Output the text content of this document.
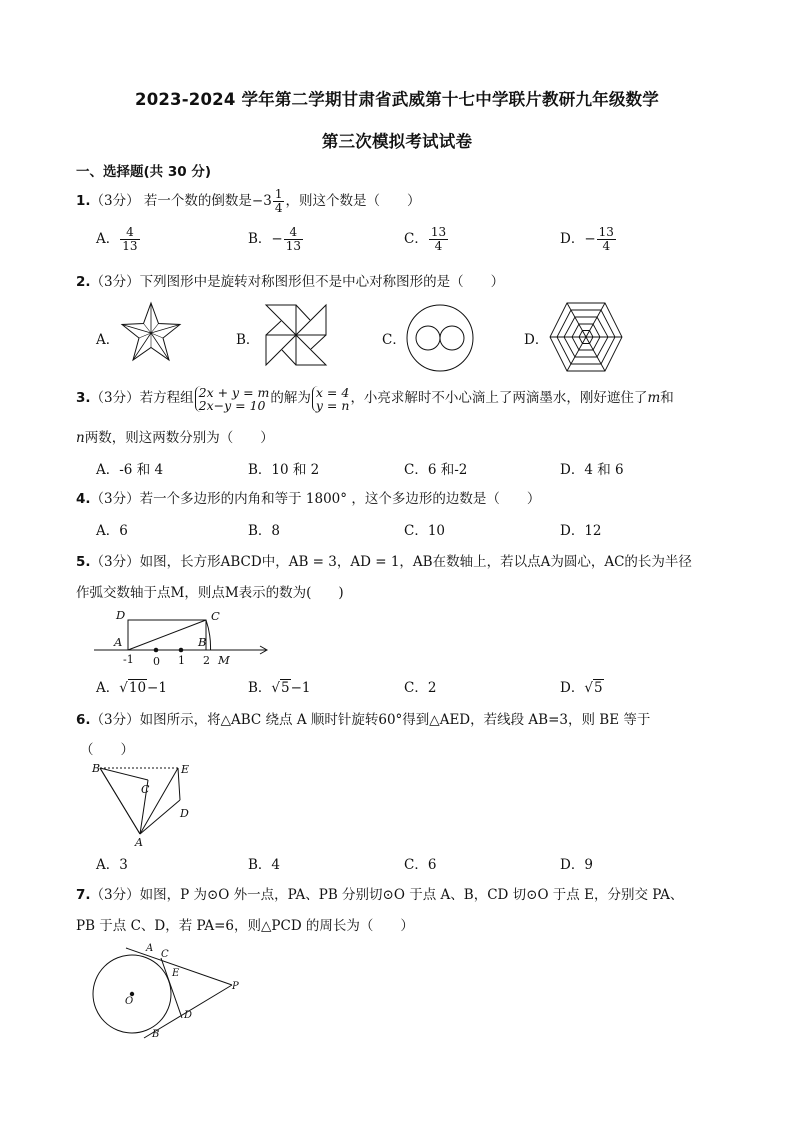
2023-2024 学年第二学期甘肃省武威第十七中学联片教研九年级数学
第三次模拟考试试卷
一、选择题(共 30 分)
1.（3分） 若一个数的倒数是$-3 \frac{1}{4}$ ，则这个数是（　　）
A． $\frac{4}{13}$	B．− $\frac{4}{13}$	C． $\frac{13}{4}$	D．− $\frac{13}{4}$
2.（3分）下列图形中是旋转对称图形但不是中心对称图形的是（　　）
A．	B．	C．	D．
3.（3分）若方程组 2x + y = m
2x−y = 10 的解为 x = 4
y = n，小亮求解时不小心滴上了两滴墨水，刚好遮住了m和
n两数，则这两数分别为（　　）
A．-6 和 4	B．10 和 2	C．6 和-2	D．4 和 6
4.（3分）若一个多边形的内角和等于 1800° ，这个多边形的边数是（　　）
A．6	B．8	C．10	D．12
5.（3分）如图，长方形ABCD中，AB = 3，AD = 1，AB在数轴上，若以点A为圆心，AC的长为半径
作弧交数轴于点M，则点M表示的数为(　　)
D	C
A	B
M
-1 0 1 2
A．√10−1	B．√5−1	C．2	D．√5
6.（3分）如图所示，将△ABC 绕点 A 顺时针旋转60°得到△AED，若线段 AB=3，则 BE 等于
（　　）
B	E
C
D
A
A．3	B．4	C．6	D．9
7.（3分）如图，P 为⊙O 外一点，PA、PB 分别切⊙O 于点 A、B，CD 切⊙O 于点 E，分别交 PA、
PB 于点 C、D，若 PA=6，则△PCD 的周长为（　　）
A
C
E
P
O
D
B
